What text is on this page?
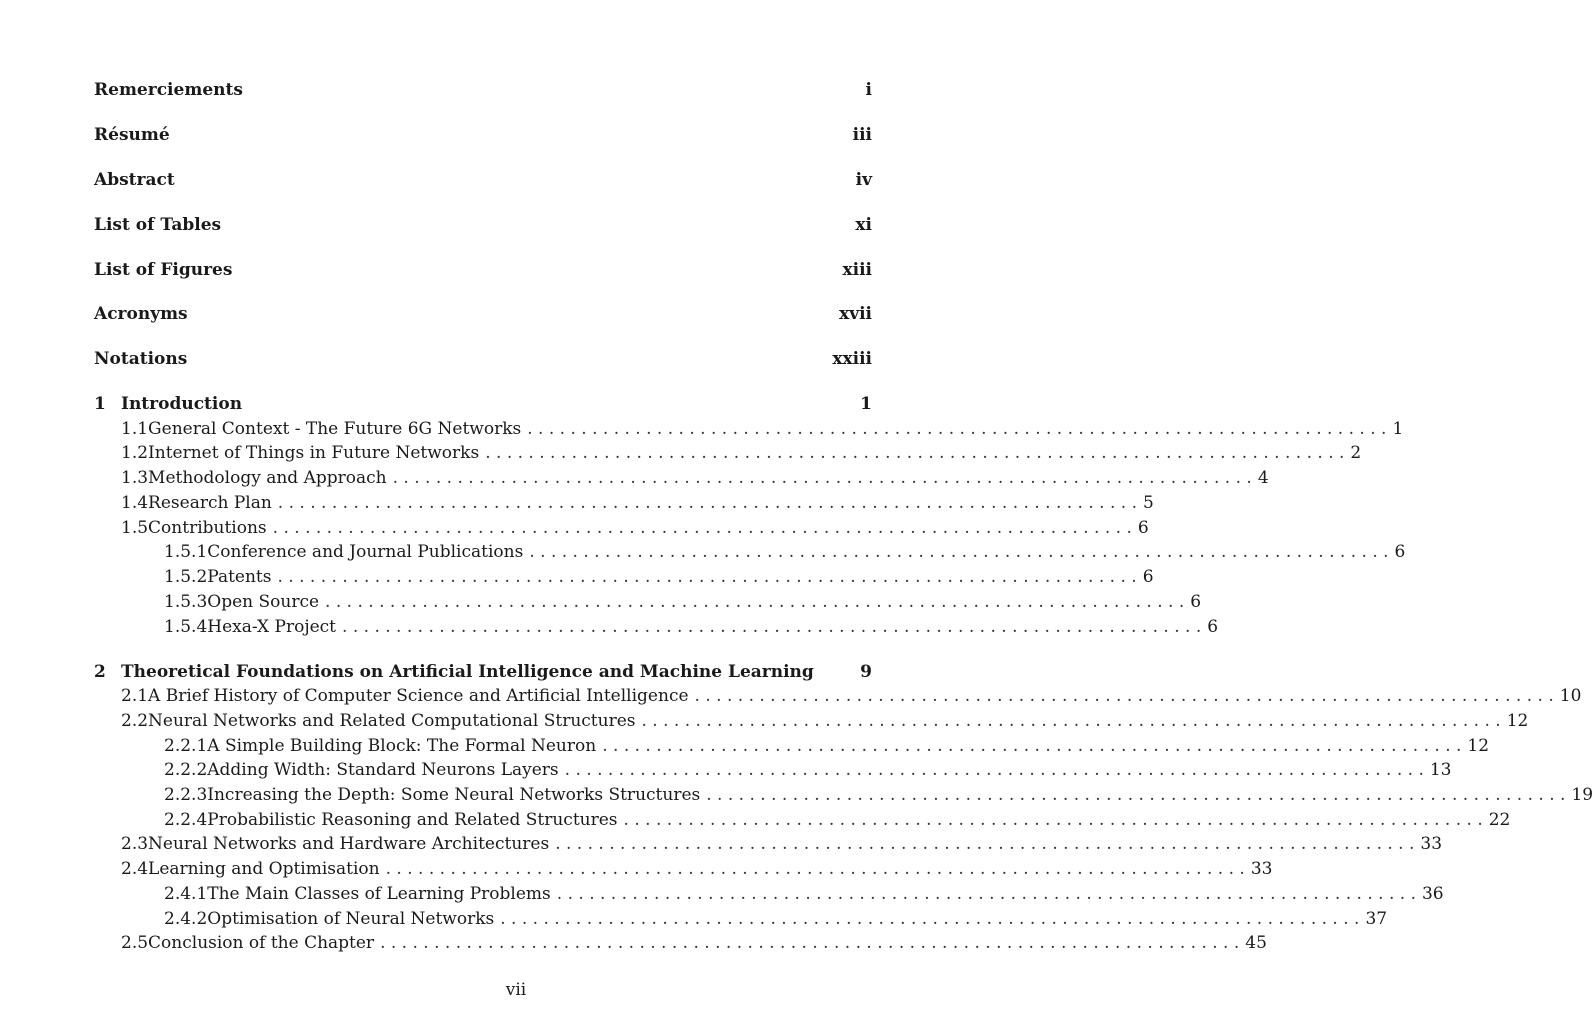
Remerciements	i
Résumé	iii
Abstract	iv
List of Tables	xi
List of Figures	xiii
Acronyms	xvii
Notations	xxiii
1 Introduction	1
1.1 General Context - The Future 6G Networks . . . . . . . . . . . . . . . . . . . . . . . . . . . . . . . . . . . . . . . . . . . . . . . . . . . . . . . . . . . . . . . . . . . . . . . . . . . . . . . . 1
1.2 Internet of Things in Future Networks . . . . . . . . . . . . . . . . . . . . . . . . . . . . . . . . . . . . . . . . . . . . . . . . . . . . . . . . . . . . . . . . . . . . . . . . . . . . . . . . 2
1.3 Methodology and Approach . . . . . . . . . . . . . . . . . . . . . . . . . . . . . . . . . . . . . . . . . . . . . . . . . . . . . . . . . . . . . . . . . . . . . . . . . . . . . . . . 4
1.4 Research Plan . . . . . . . . . . . . . . . . . . . . . . . . . . . . . . . . . . . . . . . . . . . . . . . . . . . . . . . . . . . . . . . . . . . . . . . . . . . . . . . . 5
1.5 Contributions . . . . . . . . . . . . . . . . . . . . . . . . . . . . . . . . . . . . . . . . . . . . . . . . . . . . . . . . . . . . . . . . . . . . . . . . . . . . . . . . 6
1.5.1 Conference and Journal Publications . . . . . . . . . . . . . . . . . . . . . . . . . . . . . . . . . . . . . . . . . . . . . . . . . . . . . . . . . . . . . . . . . . . . . . . . . . . . . . . . 6
1.5.2 Patents . . . . . . . . . . . . . . . . . . . . . . . . . . . . . . . . . . . . . . . . . . . . . . . . . . . . . . . . . . . . . . . . . . . . . . . . . . . . . . . . 6
1.5.3 Open Source . . . . . . . . . . . . . . . . . . . . . . . . . . . . . . . . . . . . . . . . . . . . . . . . . . . . . . . . . . . . . . . . . . . . . . . . . . . . . . . . 6
1.5.4 Hexa-X Project . . . . . . . . . . . . . . . . . . . . . . . . . . . . . . . . . . . . . . . . . . . . . . . . . . . . . . . . . . . . . . . . . . . . . . . . . . . . . . . . 6
2 Theoretical Foundations on Artificial Intelligence and Machine Learning	9
2.1 A Brief History of Computer Science and Artificial Intelligence . . . . . . . . . . . . . . . . . . . . . . . . . . . . . . . . . . . . . . . . . . . . . . . . . . . . . . . . . . . . . . . . . . . . . . . . . . . . . . . . 10
2.2 Neural Networks and Related Computational Structures . . . . . . . . . . . . . . . . . . . . . . . . . . . . . . . . . . . . . . . . . . . . . . . . . . . . . . . . . . . . . . . . . . . . . . . . . . . . . . . . 12
2.2.1 A Simple Building Block: The Formal Neuron . . . . . . . . . . . . . . . . . . . . . . . . . . . . . . . . . . . . . . . . . . . . . . . . . . . . . . . . . . . . . . . . . . . . . . . . . . . . . . . . 12
2.2.2 Adding Width: Standard Neurons Layers . . . . . . . . . . . . . . . . . . . . . . . . . . . . . . . . . . . . . . . . . . . . . . . . . . . . . . . . . . . . . . . . . . . . . . . . . . . . . . . . 13
2.2.3 Increasing the Depth: Some Neural Networks Structures . . . . . . . . . . . . . . . . . . . . . . . . . . . . . . . . . . . . . . . . . . . . . . . . . . . . . . . . . . . . . . . . . . . . . . . . . . . . . . . . 19
2.2.4 Probabilistic Reasoning and Related Structures . . . . . . . . . . . . . . . . . . . . . . . . . . . . . . . . . . . . . . . . . . . . . . . . . . . . . . . . . . . . . . . . . . . . . . . . . . . . . . . . 22
2.3 Neural Networks and Hardware Architectures . . . . . . . . . . . . . . . . . . . . . . . . . . . . . . . . . . . . . . . . . . . . . . . . . . . . . . . . . . . . . . . . . . . . . . . . . . . . . . . . 33
2.4 Learning and Optimisation . . . . . . . . . . . . . . . . . . . . . . . . . . . . . . . . . . . . . . . . . . . . . . . . . . . . . . . . . . . . . . . . . . . . . . . . . . . . . . . . 33
2.4.1 The Main Classes of Learning Problems . . . . . . . . . . . . . . . . . . . . . . . . . . . . . . . . . . . . . . . . . . . . . . . . . . . . . . . . . . . . . . . . . . . . . . . . . . . . . . . . 36
2.4.2 Optimisation of Neural Networks . . . . . . . . . . . . . . . . . . . . . . . . . . . . . . . . . . . . . . . . . . . . . . . . . . . . . . . . . . . . . . . . . . . . . . . . . . . . . . . . 37
2.5 Conclusion of the Chapter . . . . . . . . . . . . . . . . . . . . . . . . . . . . . . . . . . . . . . . . . . . . . . . . . . . . . . . . . . . . . . . . . . . . . . . . . . . . . . . . 45
vii
